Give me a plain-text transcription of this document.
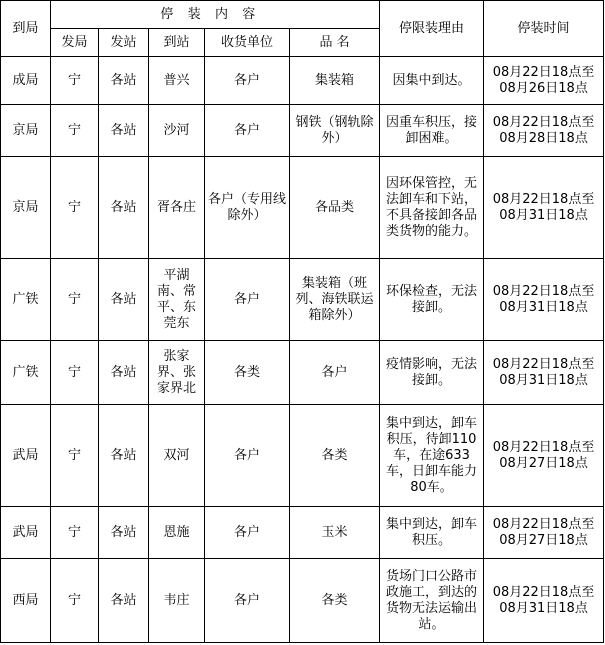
到局	停装内容					停限装理由	停装时间
	发局	发站	到站	收货单位	品 名		
成局	宁	各站	普兴	各户	集装箱	因集中到达。	08月22日18点至08月26日18点
京局	宁	各站	沙河	各户	钢铁（钢轨除外）	因重车积压，接卸困难。	08月22日18点至08月28日18点
京局	宁	各站	胥各庄	各户（专用线除外）	各品类	因环保管控，无法卸车和下站，不具备接卸各品类货物的能力。	08月22日18点至08月31日18点
广铁	宁	各站	平湖南、常平、东莞东	各户	集装箱（班列、海铁联运箱除外）	环保检查，无法接卸。	08月22日18点至08月31日18点
广铁	宁	各站	张家界、张家界北	各类	各户	疫情影响，无法接卸。	08月22日18点至08月31日18点
武局	宁	各站	双河	各户	各类	集中到达，卸车积压，待卸110车，在途633车，日卸车能力80车。	08月22日18点至08月27日18点
武局	宁	各站	恩施	各户	玉米	集中到达，卸车积压。	08月22日18点至08月27日18点
西局	宁	各站	韦庄	各户	各类	货场门口公路市政施工，到达的货物无法运输出站。	08月22日18点至08月31日18点
